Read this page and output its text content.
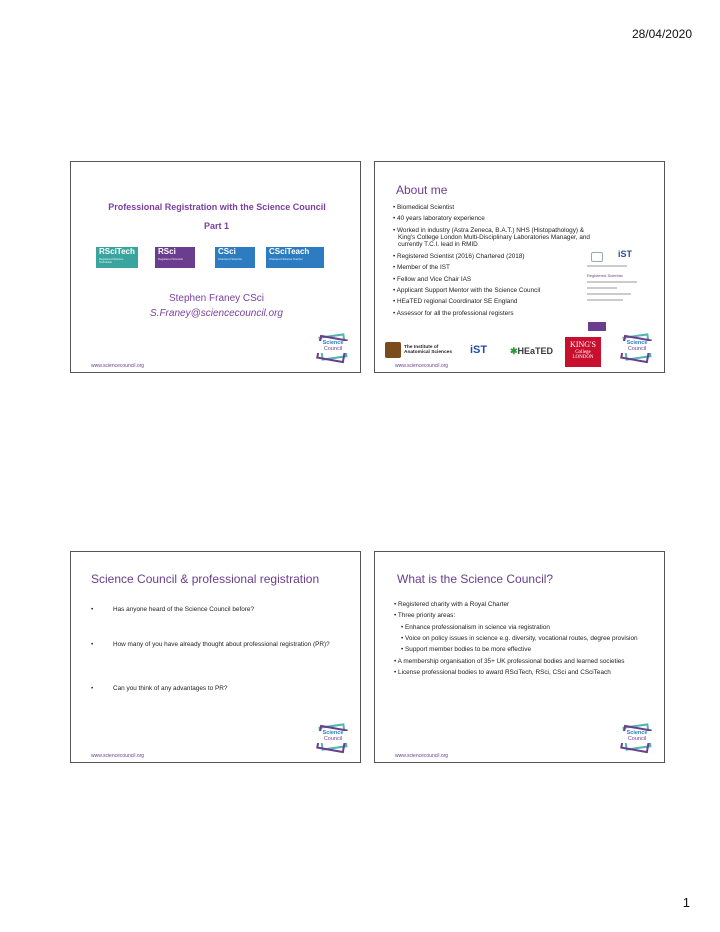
28/04/2020
Professional Registration with the Science Council
Part 1
RSciTech
Registered Science Technician
RSci
Registered Scientist
CSci
Chartered Scientist
CSciTeach
Chartered Science Teacher
Stephen Franey CSci
S.Franey@sciencecouncil.org
Science
Council
www.sciencecouncil.org
About me
• Biomedical Scientist
• 40 years laboratory experience
• Worked in industry (Astra Zeneca, B.A.T.) NHS (Histopathology) & King's College London Multi-Disciplinary Laboratories Manager, and currently T.C.I. lead in RMID
• Registered Scientist (2016) Chartered (2018)
• Member of the IST
• Fellow and Vice Chair IAS
• Applicant Support Mentor with the Science Council
• HEaTED regional Coordinator SE England
• Assessor for all the professional registers
iST
Registered Scientist
The Institute of
Anatomical Sciences iST	✱HEaTED
KING'S
College
LONDON
Science
Council
www.sciencecouncil.org
Science Council & professional registration
•	Has anyone heard of the Science Council before?
•	How many of you have already thought about professional registration (PR)?
•	Can you think of any advantages to PR?
Science
Council
www.sciencecouncil.org
What is the Science Council?
• Registered charity with a Royal Charter
• Three priority areas:
• Enhance professionalism in science via registration
• Voice on policy issues in science e.g. diversity, vocational routes, degree provision
• Support member bodies to be more effective
• A membership organisation of 35+ UK professional bodies and learned societies
• License professional bodies to award RSciTech, RSci, CSci and CSciTeach
Science
Council
www.sciencecouncil.org
1
